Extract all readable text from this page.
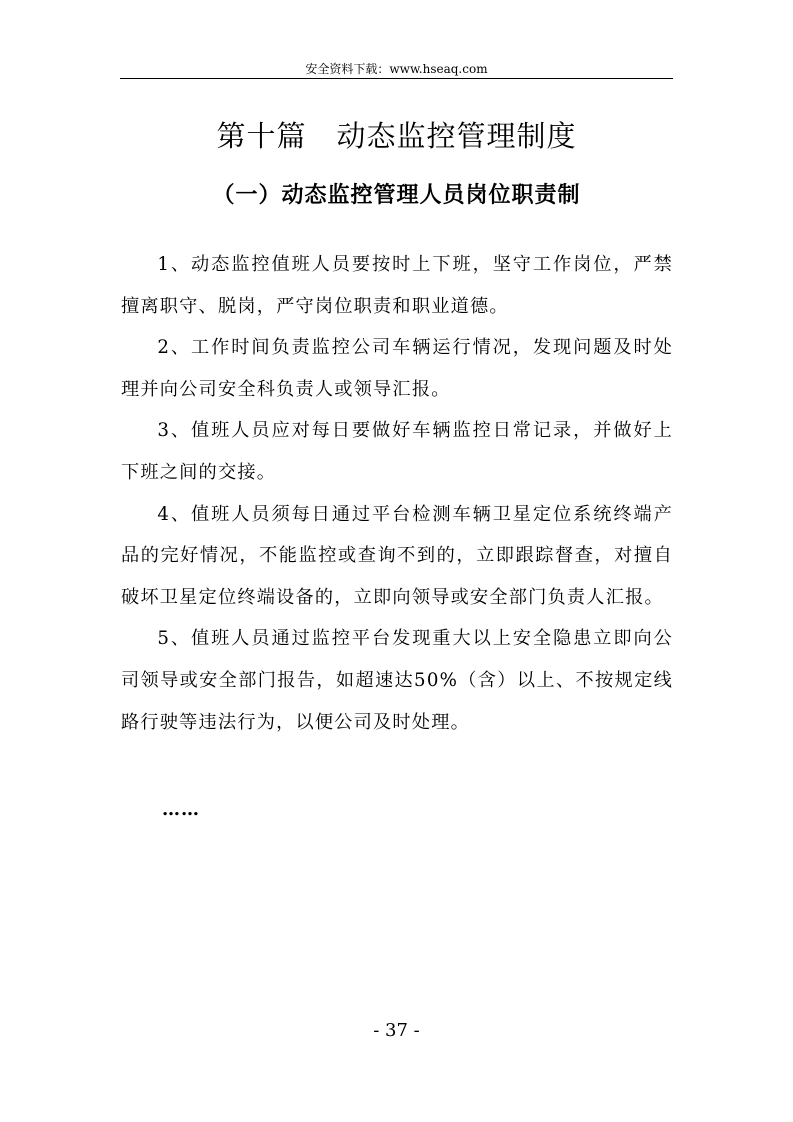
安全资料下载：www.hseaq.com
第十篇　动态监控管理制度
（一）动态监控管理人员岗位职责制

1、动态监控值班人员要按时上下班，坚守工作岗位，严禁擅离职守、脱岗，严守岗位职责和职业道德。

2、工作时间负责监控公司车辆运行情况，发现问题及时处理并向公司安全科负责人或领导汇报。

3、值班人员应对每日要做好车辆监控日常记录，并做好上下班之间的交接。

4、值班人员须每日通过平台检测车辆卫星定位系统终端产品的完好情况，不能监控或查询不到的，立即跟踪督查，对擅自破坏卫星定位终端设备的，立即向领导或安全部门负责人汇报。

5、值班人员通过监控平台发现重大以上安全隐患立即向公司领导或安全部门报告，如超速达50%（含）以上、不按规定线路行驶等违法行为，以便公司及时处理。

……
- 37 -
